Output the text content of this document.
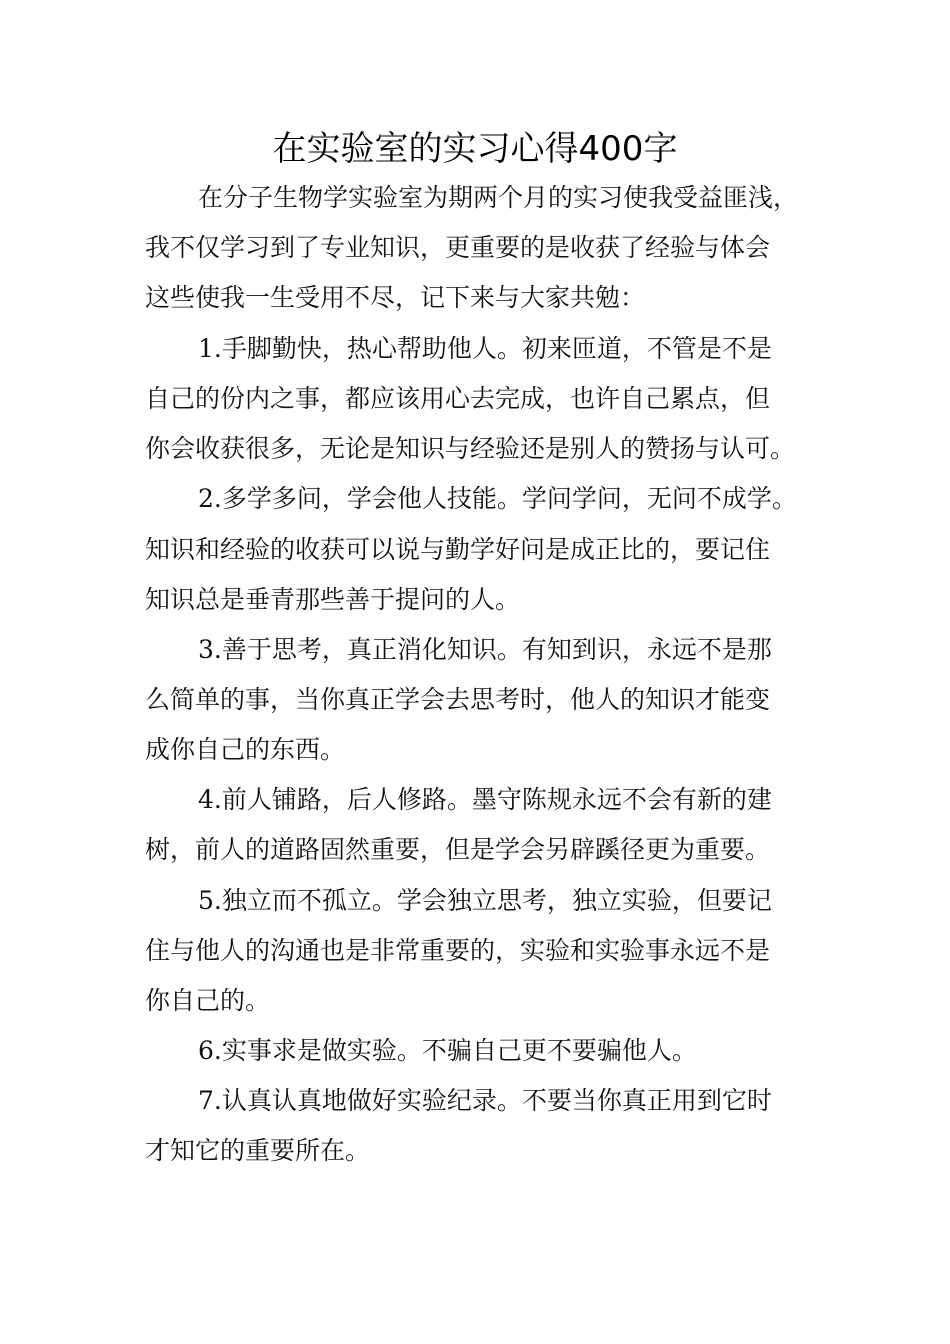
在实验室的实习心得400字
在分子生物学实验室为期两个月的实习使我受益匪浅，
我不仅学习到了专业知识，更重要的是收获了经验与体会
这些使我一生受用不尽，记下来与大家共勉：
1.手脚勤快，热心帮助他人。初来匝道，不管是不是
自己的份内之事，都应该用心去完成，也许自己累点，但
你会收获很多，无论是知识与经验还是别人的赞扬与认可。
2.多学多问，学会他人技能。学问学问，无问不成学。
知识和经验的收获可以说与勤学好问是成正比的，要记住
知识总是垂青那些善于提问的人。
3.善于思考，真正消化知识。有知到识，永远不是那
么简单的事，当你真正学会去思考时，他人的知识才能变
成你自己的东西。
4.前人铺路，后人修路。墨守陈规永远不会有新的建
树，前人的道路固然重要，但是学会另辟蹊径更为重要。
5.独立而不孤立。学会独立思考，独立实验，但要记
住与他人的沟通也是非常重要的，实验和实验事永远不是
你自己的。
6.实事求是做实验。不骗自己更不要骗他人。
7.认真认真地做好实验纪录。不要当你真正用到它时
才知它的重要所在。
